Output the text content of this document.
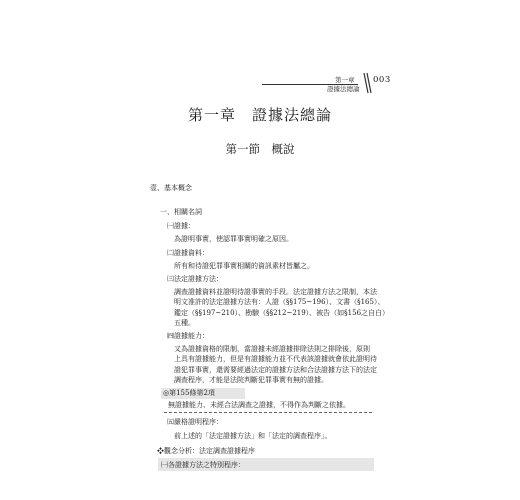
第一章
證據法總論
003
第一章　證據法總論
第一節　概說
壹、基本概念
一、相關名詞
㈠證據：
為證明事實，使認罪事實明確之原因。
㈡證據資料：
所有和待證犯罪事實相關的資訊素材皆屬之。
㈢法定證據方法：
調查證據資料並證明待證事實的手段。法定證據方法之限制，本法
明文准許的法定證據方法有：人證（§§175~196）、文書（§165）、
鑑定（§§197~210）、勘驗（§§212~219）、被告（如§156之自白）
五種。
㈣證據能力：
又為證據資格的限制，當證據未經證據排除法則之排除後，原則
上具有證據能力，但是有證據能力並不代表該證據就會依此證明待
證犯罪事實，還需要經過法定的證據方法和合法證據方法下的法定
調查程序，才能是法院判斷犯罪事實有無的證據。
◎第155條第2項
無證據能力、未經合法調查之證據，不得作為判斷之依據。
㈤嚴格證明程序：
前上述的「法定證據方法」和「法定的調查程序」。
❖觀念分析：法定調查證據程序
㈠各證據方法之特別程序：
